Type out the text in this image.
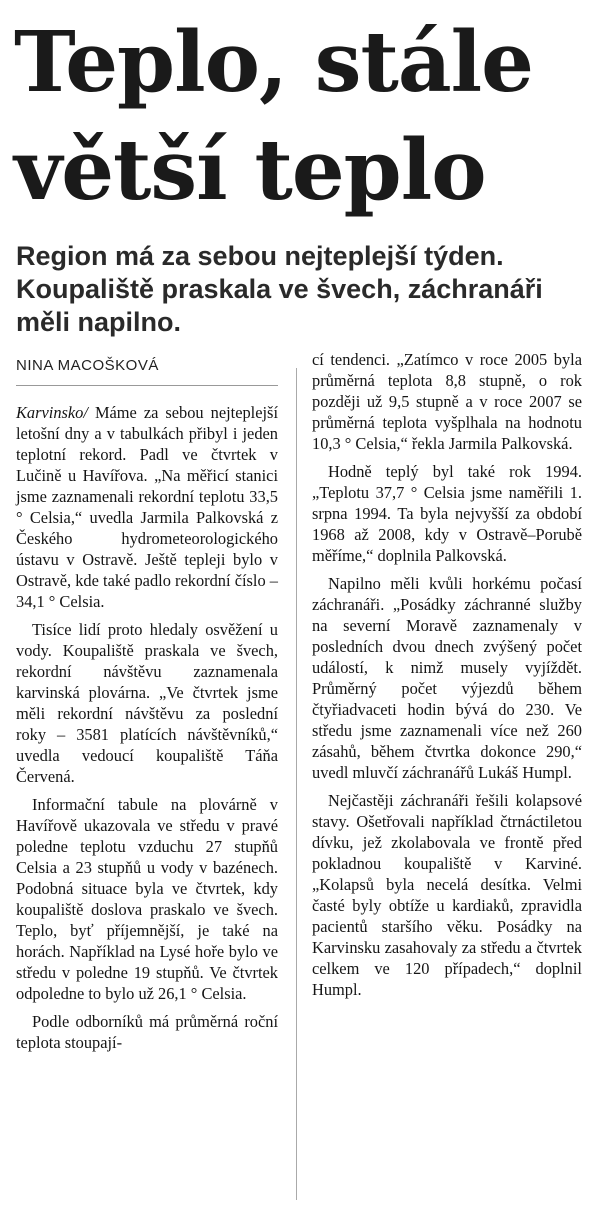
Teplo, stále
větší teplo
Region má za sebou nejteplejší týden.
Koupaliště praskala ve švech, záchranáři
měli napilno.
NINA MACOŠKOVÁ

Karvinsko/ Máme za sebou nejteplejší letošní dny a v tabulkách přibyl i jeden teplotní rekord. Padl ve čtvrtek v Lučině u Havířova. „Na měřicí stanici jsme zaznamenali rekordní teplotu 33,5 ° Celsia,“ uvedla Jarmila Palkovská z Českého hydrometeorologického ústavu v Ostravě. Ještě tepleji bylo v Ostravě, kde také padlo rekordní číslo – 34,1 ° Celsia.

Tisíce lidí proto hledaly osvěžení u vody. Koupaliště praskala ve švech, rekordní návštěvu zaznamenala karvinská plovárna. „Ve čtvrtek jsme měli rekordní návštěvu za poslední roky – 3581 platících návštěvníků,“ uvedla vedoucí koupaliště Táňa Červená.

Informační tabule na plovárně v Havířově ukazovala ve středu v pravé poledne teplotu vzduchu 27 stupňů Celsia a 23 stupňů u vody v bazénech. Podobná situace byla ve čtvrtek, kdy koupaliště doslova praskalo ve švech. Teplo, byť příjemnější, je také na horách. Například na Lysé hoře bylo ve středu v poledne 19 stupňů. Ve čtvrtek odpoledne to bylo už 26,1 ° Celsia.

Podle odborníků má průměrná roční teplota stoupají-

cí tendenci. „Zatímco v roce 2005 byla průměrná teplota 8,8 stupně, o rok později už 9,5 stupně a v roce 2007 se průměrná teplota vyšplhala na hodnotu 10,3 ° Celsia,“ řekla Jarmila Palkovská.

Hodně teplý byl také rok 1994. „Teplotu 37,7 ° Celsia jsme naměřili 1. srpna 1994. Ta byla nejvyšší za období 1968 až 2008, kdy v Ostravě–Porubě měříme,“ doplnila Palkovská.

Napilno měli kvůli horkému počasí záchranáři. „Posádky záchranné služby na severní Moravě zaznamenaly v posledních dvou dnech zvýšený počet událostí, k nimž musely vyjíždět. Průměrný počet výjezdů během čtyřiadvaceti hodin bývá do 230. Ve středu jsme zaznamenali více než 260 zásahů, během čtvrtka dokonce 290,“ uvedl mluvčí záchranářů Lukáš Humpl.

Nejčastěji záchranáři řešili kolapsové stavy. Ošetřovali například čtrnáctiletou dívku, jež zkolabovala ve frontě před pokladnou koupaliště v Karviné. „Kolapsů byla necelá desítka. Velmi časté byly obtíže u kardiaků, zpravidla pacientů staršího věku. Posádky na Karvinsku zasahovaly za středu a čtvrtek celkem ve 120 případech,“ doplnil Humpl.
